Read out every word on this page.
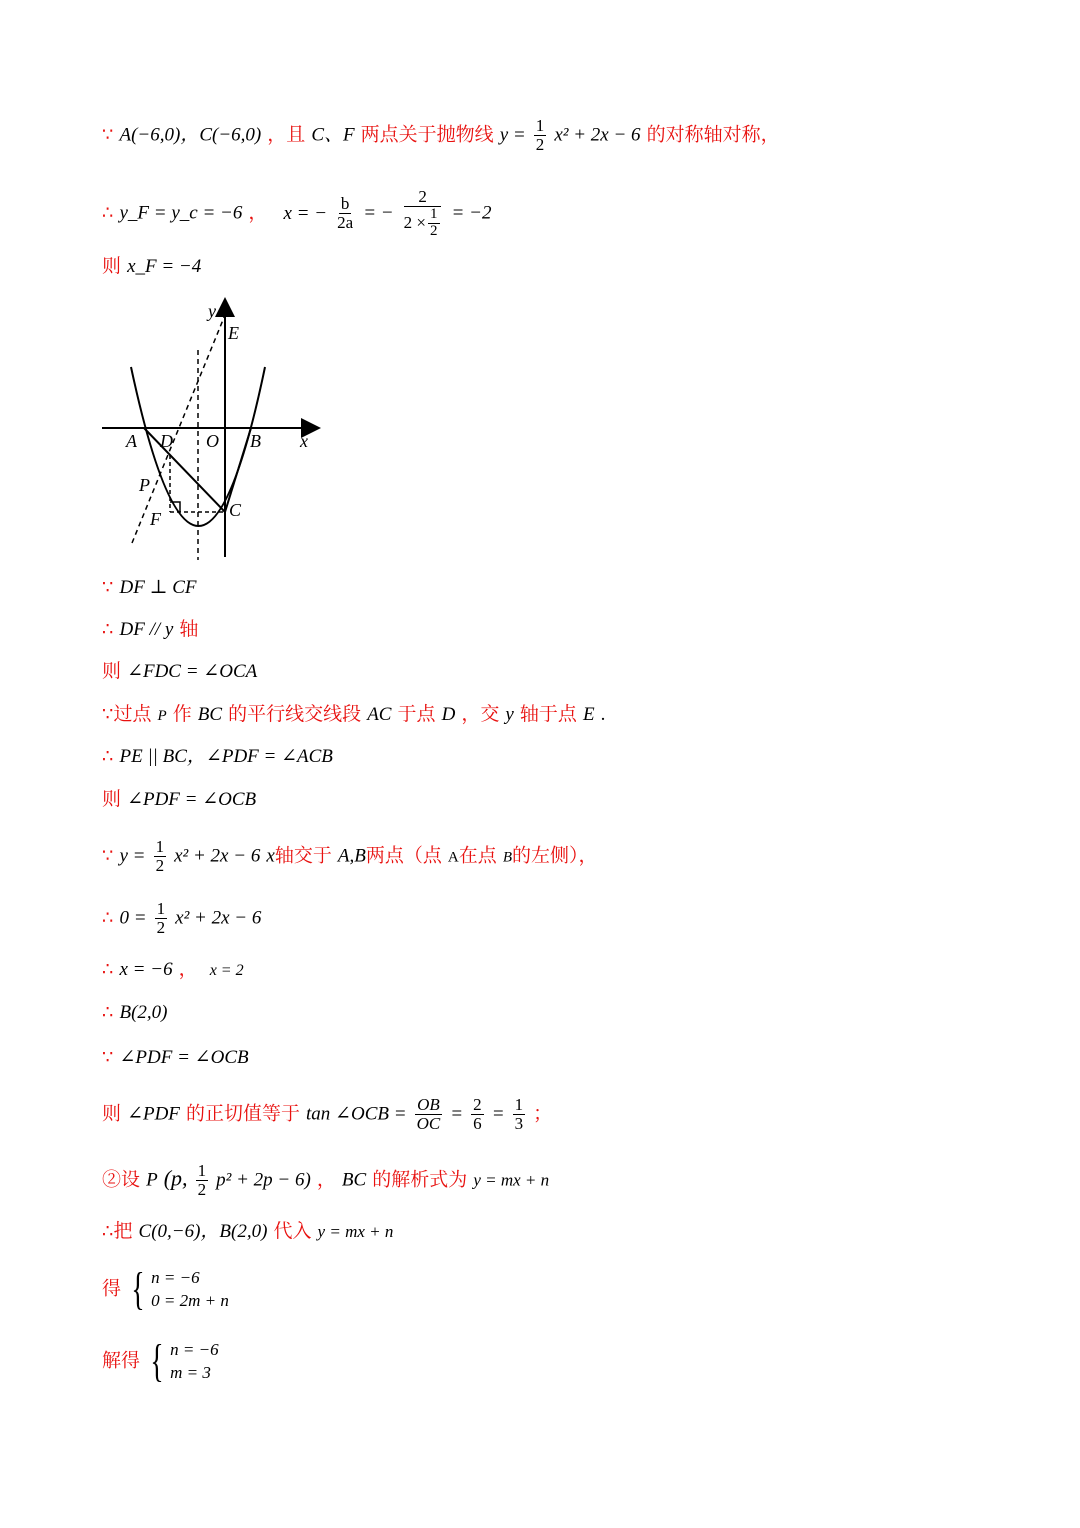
∵ A(−6,0)，C(−6,0) ，且 C、F 两点关于抛物线 $y = \frac{1}{2} x^2 + 2x - 6$ 的对称轴对称，
∴ y_F = y_c = −6 ， x = − $\frac{b}{2a}$ = − $\frac{2}{2 \times \frac{1}{2}} = -2$
则 x_F = −4
y
E
A D O B x
P
F	C
∵ DF ⊥ CF
∴ DF // y 轴
则 ∠FDC = ∠OCA
∵过点 P 作 BC 的平行线交线段 AC 于点 D ，交 y 轴于点 E .
∴ PE || BC，∠PDF = ∠ACB
则 ∠PDF = ∠OCB
∵ $y = \frac{1}{2} x^2 + 2x - 6$ x轴交于 A,B两点（点 A在点 B的左侧），
∴ $0 = \frac{1}{2} x^2 + 2x - 6$
∴ x = −6 ， x = 2
∴ B(2,0)
∵ ∠PDF = ∠OCB
则 ∠PDF 的正切值等于 tan ∠OCB = $\frac{OB}{OC} = \frac{2}{6} = \frac{1}{3}$ ；
②设 P (p, $\frac{1}{2} p^2 + 2p - 6$) ， BC 的解析式为 y = mx + n
∴把 C(0,−6)，B(2,0) 代入 y = mx + n
得 { n = −6
0 = 2m + n
解得 { n = −6
m = 3
